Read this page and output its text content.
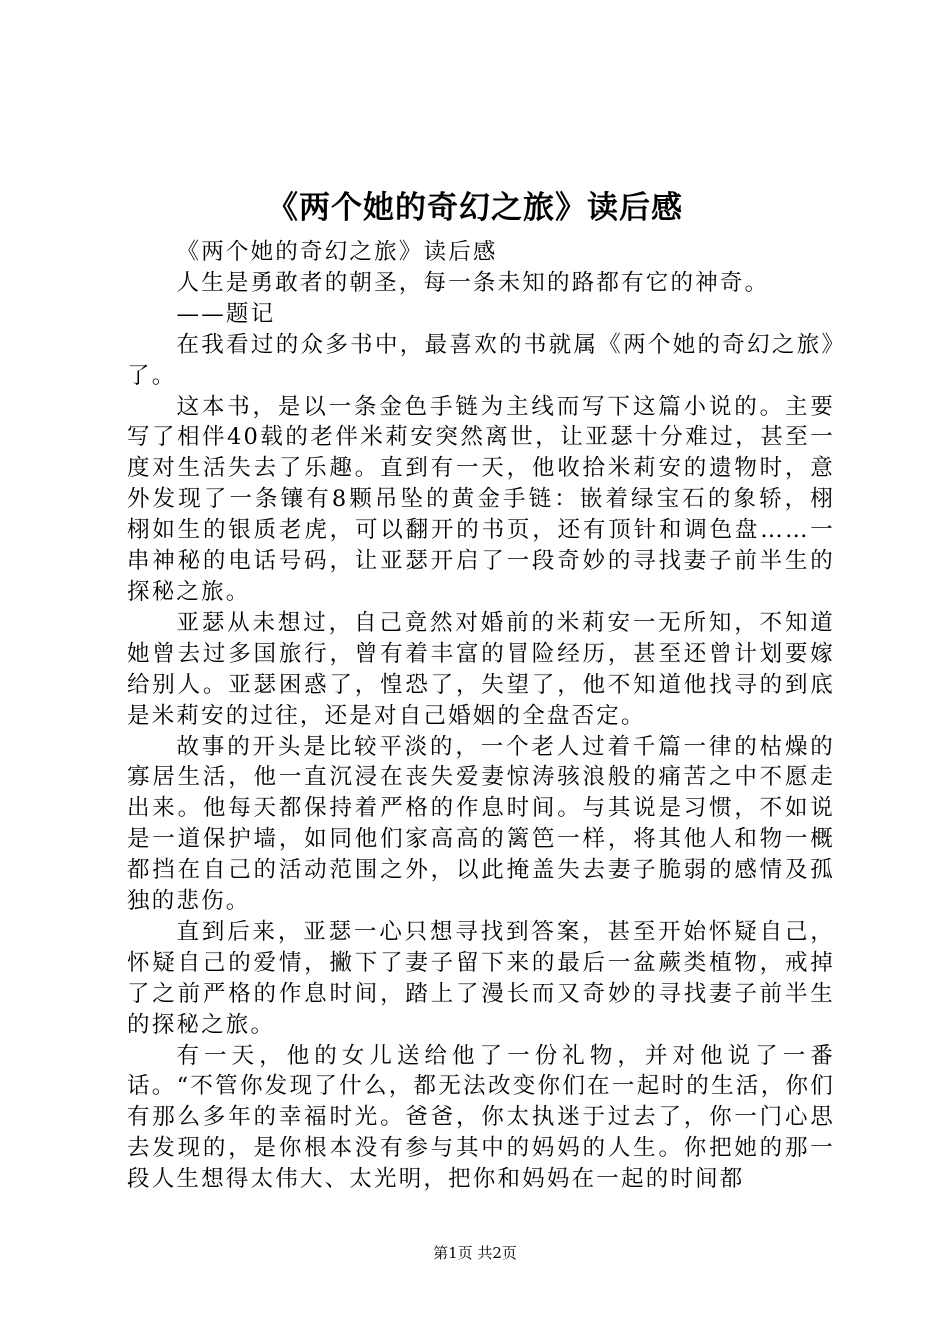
《两个她的奇幻之旅》读后感

《两个她的奇幻之旅》读后感

人生是勇敢者的朝圣，每一条未知的路都有它的神奇。

——题记

在我看过的众多书中，最喜欢的书就属《两个她的奇幻之旅》了。

这本书，是以一条金色手链为主线而写下这篇小说的。主要写了相伴40载的老伴米莉安突然离世，让亚瑟十分难过，甚至一度对生活失去了乐趣。直到有一天，他收拾米莉安的遗物时，意外发现了一条镶有8颗吊坠的黄金手链：嵌着绿宝石的象轿，栩栩如生的银质老虎，可以翻开的书页，还有顶针和调色盘……一串神秘的电话号码，让亚瑟开启了一段奇妙的寻找妻子前半生的探秘之旅。

亚瑟从未想过，自己竟然对婚前的米莉安一无所知，不知道她曾去过多国旅行，曾有着丰富的冒险经历，甚至还曾计划要嫁给别人。亚瑟困惑了，惶恐了，失望了，他不知道他找寻的到底是米莉安的过往，还是对自己婚姻的全盘否定。

故事的开头是比较平淡的，一个老人过着千篇一律的枯燥的寡居生活，他一直沉浸在丧失爱妻惊涛骇浪般的痛苦之中不愿走出来。他每天都保持着严格的作息时间。与其说是习惯，不如说是一道保护墙，如同他们家高高的篱笆一样，将其他人和物一概都挡在自己的活动范围之外，以此掩盖失去妻子脆弱的感情及孤独的悲伤。

直到后来，亚瑟一心只想寻找到答案，甚至开始怀疑自己，怀疑自己的爱情，撇下了妻子留下来的最后一盆蕨类植物，戒掉了之前严格的作息时间，踏上了漫长而又奇妙的寻找妻子前半生的探秘之旅。

有一天，他的女儿送给他了一份礼物，并对他说了一番话。“不管你发现了什么，都无法改变你们在一起时的生活，你们有那么多年的幸福时光。爸爸，你太执迷于过去了，你一门心思去发现的，是你根本没有参与其中的妈妈的人生。你把她的那一段人生想得太伟大、太光明，把你和妈妈在一起的时间都

第1页 共2页
